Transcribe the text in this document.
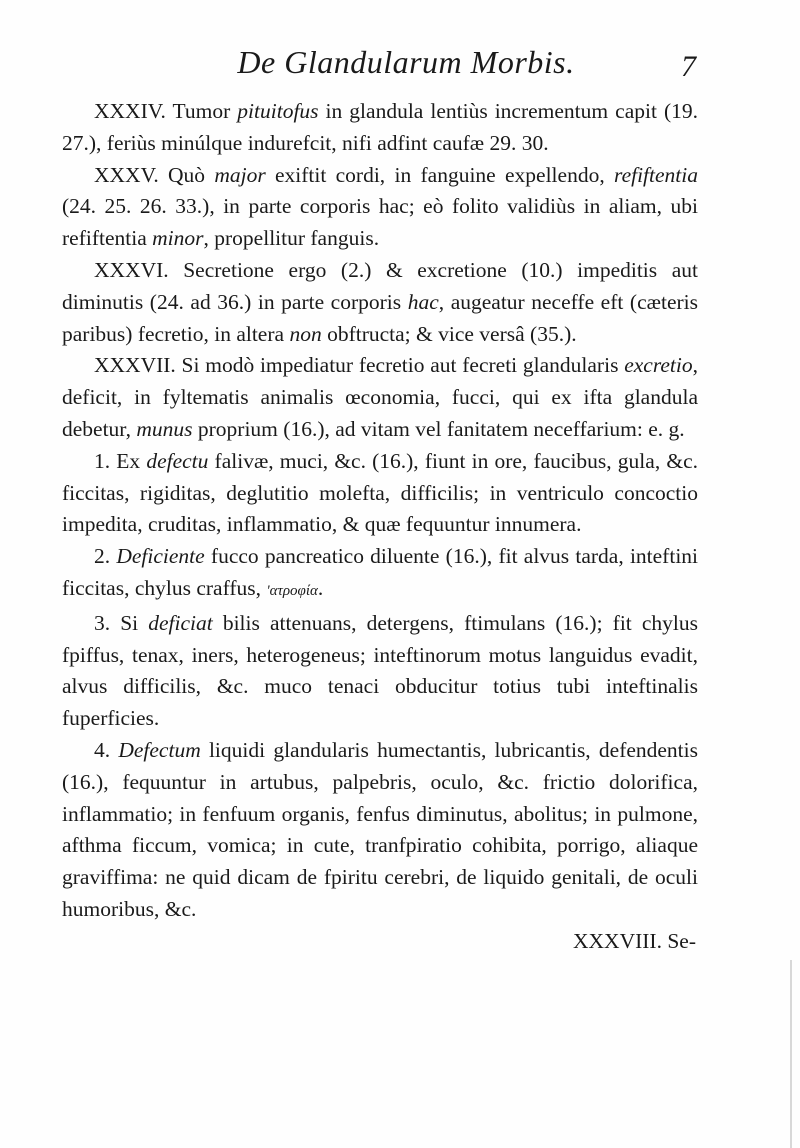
De Glandularum Morbis.	7

XXXIV. Tumor pituitofus in glandula lentiùs incrementum capit (19. 27.), feriùs minúlque indurefcit, nifi adfint caufæ 29. 30.

XXXV. Quò major exiftit cordi, in fanguine expellendo, refiftentia (24. 25. 26. 33.), in parte corporis hac; eò folito validiùs in aliam, ubi refiftentia minor, propellitur fanguis.

XXXVI. Secretione ergo (2.) & excretione (10.) impeditis aut diminutis (24. ad 36.) in parte corporis hac, augeatur neceffe eft (cæteris paribus) fecretio, in altera non obftructa; & vice versâ (35.).

XXXVII. Si modò impediatur fecretio aut fecreti glandularis excretio, deficit, in fyltematis animalis œconomia, fucci, qui ex ifta glandula debetur, munus proprium (16.), ad vitam vel fanitatem neceffarium: e. g.

1. Ex defectu falivæ, muci, &c. (16.), fiunt in ore, faucibus, gula, &c. ficcitas, rigiditas, deglutitio molefta, difficilis; in ventriculo concoctio impedita, cruditas, inflammatio, & quæ fequuntur innumera.

2. Deficiente fucco pancreatico diluente (16.), fit alvus tarda, inteftini ficcitas, chylus craffus, 'ατροφία.

3. Si deficiat bilis attenuans, detergens, ftimulans (16.); fit chylus fpiffus, tenax, iners, heterogeneus; inteftinorum motus languidus evadit, alvus difficilis, &c. muco tenaci obducitur totius tubi inteftinalis fuperficies.

4. Defectum liquidi glandularis humectantis, lubricantis, defendentis (16.), fequuntur in artubus, palpebris, oculo, &c. frictio dolorifica, inflammatio; in fenfuum organis, fenfus diminutus, abolitus; in pulmone, afthma ficcum, vomica; in cute, tranfpiratio cohibita, porrigo, aliaque graviffima: ne quid dicam de fpiritu cerebri, de liquido genitali, de oculi humoribus, &c.

XXXVIII. Se-
